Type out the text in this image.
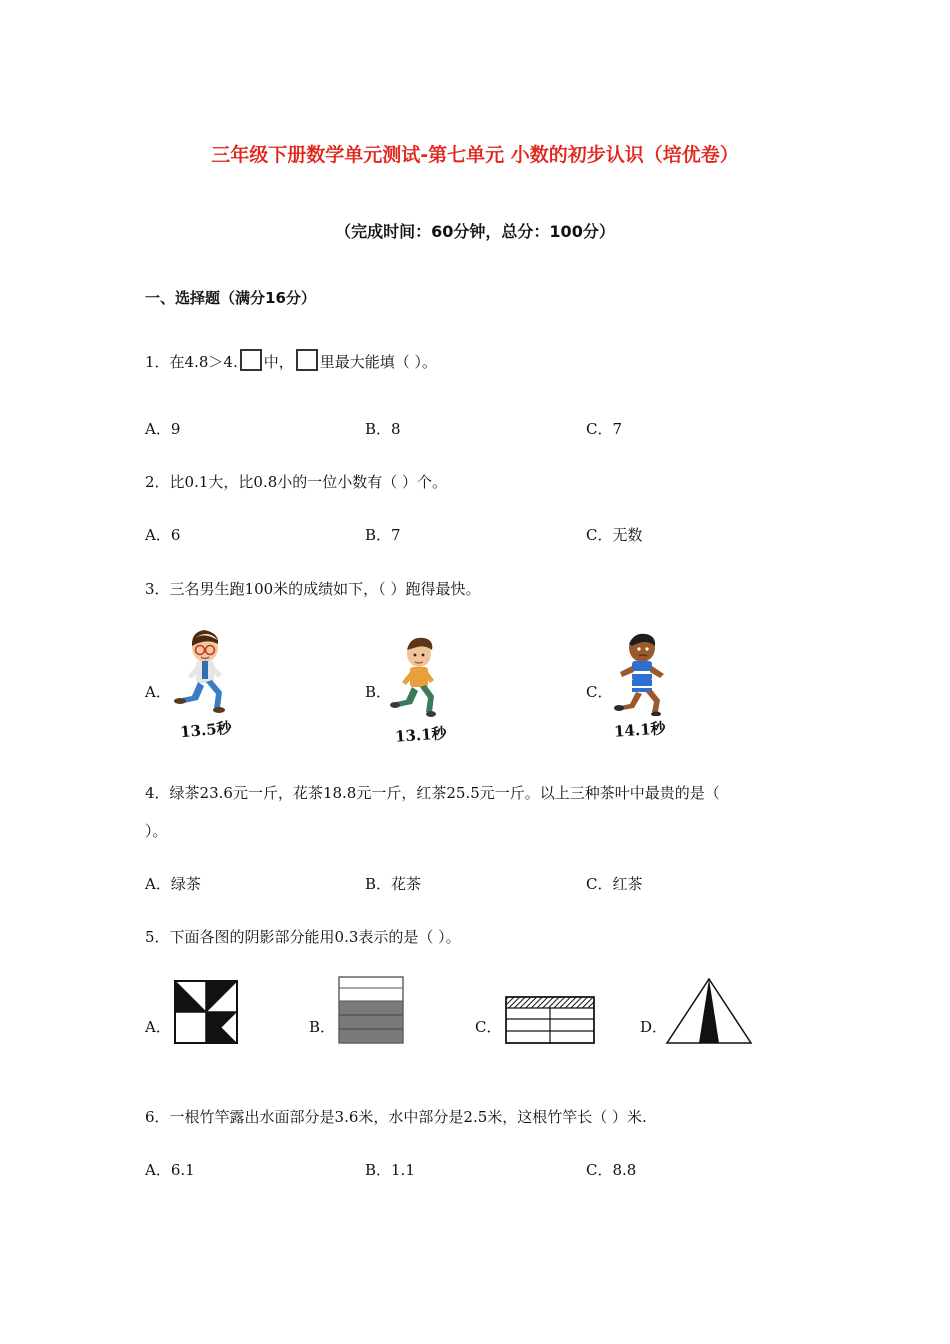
三年级下册数学单元测试-第七单元 小数的初步认识（培优卷）
（完成时间：60分钟，总分：100分）
一、选择题（满分16分）
1．在4.8＞4. 中， 里最大能填（ ）。
A．9	B．8	C．7
2．比0.1大，比0.8小的一位小数有（ ）个。
A．6	B．7	C．无数
3．三名男生跑100米的成绩如下，（ ）跑得最快。
A．	B．	C．
13.5秒	13.1秒	14.1秒
4．绿茶23.6元一斤，花茶18.8元一斤，红茶25.5元一斤。以上三种茶叶中最贵的是（
）。
A．绿茶	B．花茶	C．红茶
5．下面各图的阴影部分能用0.3表示的是（ ）。
A．	B．	C．	D．
6．一根竹竿露出水面部分是3.6米，水中部分是2.5米，这根竹竿长（ ）米.
A．6.1	B．1.1	C．8.8
